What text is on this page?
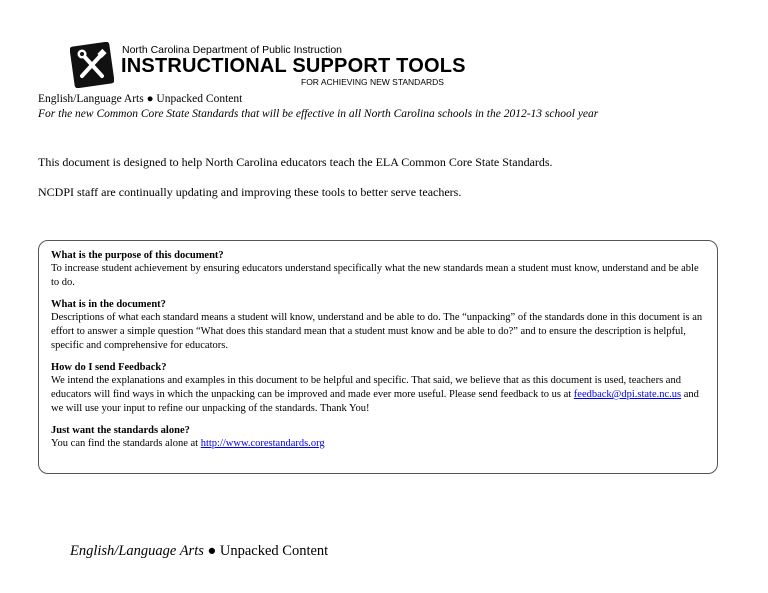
North Carolina Department of Public Instruction
INSTRUCTIONAL SUPPORT TOOLS
FOR ACHIEVING NEW STANDARDS
English/Language Arts ● Unpacked Content
For the new Common Core State Standards that will be effective in all North Carolina schools in the 2012-13 school year
This document is designed to help North Carolina educators teach the ELA Common Core State Standards.
NCDPI staff are continually updating and improving these tools to better serve teachers.
What is the purpose of this document?
To increase student achievement by ensuring educators understand specifically what the new standards mean a student must know, understand and be able to do.
What is in the document?
Descriptions of what each standard means a student will know, understand and be able to do. The “unpacking” of the standards done in this document is an effort to answer a simple question “What does this standard mean that a student must know and be able to do?” and to ensure the description is helpful, specific and comprehensive for educators.
How do I send Feedback?
We intend the explanations and examples in this document to be helpful and specific. That said, we believe that as this document is used, teachers and educators will find ways in which the unpacking can be improved and made ever more useful. Please send feedback to us at feedback@dpi.state.nc.us and we will use your input to refine our unpacking of the standards. Thank You!
Just want the standards alone?
You can find the standards alone at http://www.corestandards.org
English/Language Arts ● Unpacked Content
